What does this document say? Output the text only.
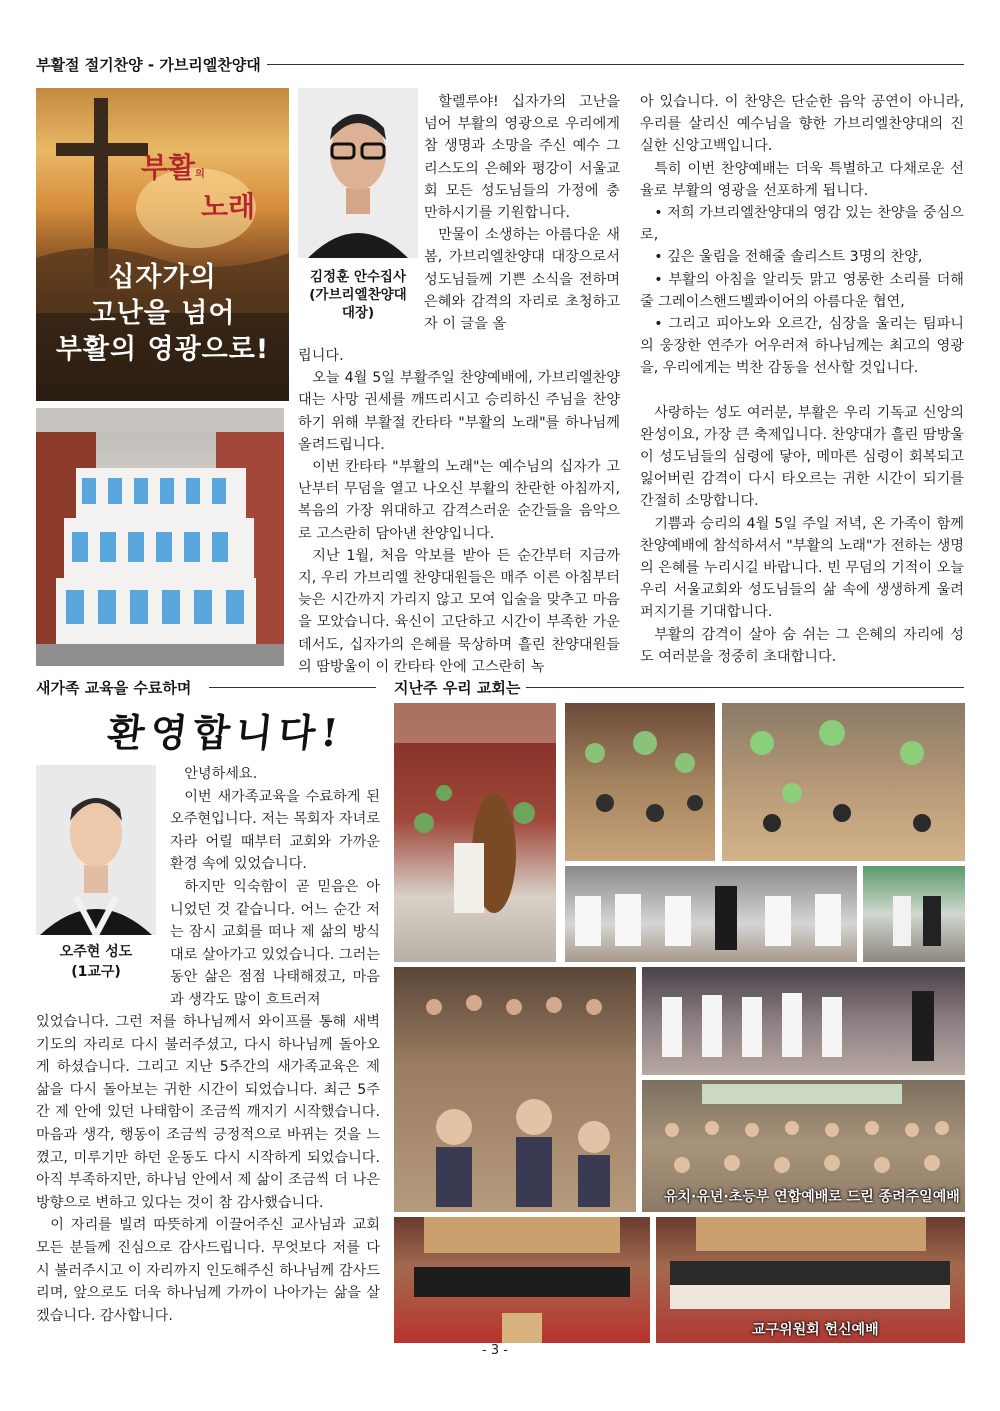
부활절 절기찬양 - 가브리엘찬양대
부활의
노래
십자가의
고난을 넘어
부활의 영광으로!
김정훈 안수집사
(가브리엘찬양대
대장)

할렐루야! 십자가의 고난을 넘어 부활의 영광으로 우리에게 참 생명과 소망을 주신 예수 그리스도의 은혜와 평강이 서울교회 모든 성도님들의 가정에 충만하시기를 기원합니다.

만물이 소생하는 아름다운 새봄, 가브리엘찬양대 대장으로서 성도님들께 기쁜 소식을 전하며 은혜와 감격의 자리로 초청하고자 이 글을 올

립니다.

오늘 4월 5일 부활주일 찬양예배에, 가브리엘찬양대는 사망 권세를 깨뜨리시고 승리하신 주님을 찬양하기 위해 부활절 칸타타 "부활의 노래"를 하나님께 올려드립니다.

이번 칸타타 "부활의 노래"는 예수님의 십자가 고난부터 무덤을 열고 나오신 부활의 찬란한 아침까지, 복음의 가장 위대하고 감격스러운 순간들을 음악으로 고스란히 담아낸 찬양입니다.

지난 1월, 처음 악보를 받아 든 순간부터 지금까지, 우리 가브리엘 찬양대원들은 매주 이른 아침부터 늦은 시간까지 가리지 않고 모여 입술을 맞추고 마음을 모았습니다. 육신이 고단하고 시간이 부족한 가운데서도, 십자가의 은혜를 묵상하며 흘린 찬양대원들의 땀방울이 이 칸타타 안에 고스란히 녹

아 있습니다. 이 찬양은 단순한 음악 공연이 아니라, 우리를 살리신 예수님을 향한 가브리엘찬양대의 진실한 신앙고백입니다.

특히 이번 찬양예배는 더욱 특별하고 다채로운 선율로 부활의 영광을 선포하게 됩니다.

• 저희 가브리엘찬양대의 영감 있는 찬양을 중심으로,

• 깊은 울림을 전해줄 솔리스트 3명의 찬양,

• 부활의 아침을 알리듯 맑고 영롱한 소리를 더해줄 그레이스핸드벨콰이어의 아름다운 협연,

• 그리고 피아노와 오르간, 심장을 울리는 팀파니의 웅장한 연주가 어우러져 하나님께는 최고의 영광을, 우리에게는 벅찬 감동을 선사할 것입니다.

사랑하는 성도 여러분, 부활은 우리 기독교 신앙의 완성이요, 가장 큰 축제입니다. 찬양대가 흘린 땀방울이 성도님들의 심령에 닿아, 메마른 심령이 회복되고 잃어버린 감격이 다시 타오르는 귀한 시간이 되기를 간절히 소망합니다.

기쁨과 승리의 4월 5일 주일 저녁, 온 가족이 함께 찬양예배에 참석하셔서 "부활의 노래"가 전하는 생명의 은혜를 누리시길 바랍니다. 빈 무덤의 기적이 오늘 우리 서울교회와 성도님들의 삶 속에 생생하게 울려 퍼지기를 기대합니다.

부활의 감격이 살아 숨 쉬는 그 은혜의 자리에 성도 여러분을 정중히 초대합니다.

새가족 교육을 수료하며	지난주 우리 교회는
환영합니다!
오주현 성도
(1교구)

안녕하세요.

이번 새가족교육을 수료하게 된 오주현입니다. 저는 목회자 자녀로 자라 어릴 때부터 교회와 가까운 환경 속에 있었습니다.

하지만 익숙함이 곧 믿음은 아니었던 것 같습니다. 어느 순간 저는 잠시 교회를 떠나 제 삶의 방식대로 살아가고 있었습니다. 그러는 동안 삶은 점점 나태해졌고, 마음과 생각도 많이 흐트러져

있었습니다. 그런 저를 하나님께서 와이프를 통해 새벽기도의 자리로 다시 불러주셨고, 다시 하나님께 돌아오게 하셨습니다. 그리고 지난 5주간의 새가족교육은 제 삶을 다시 돌아보는 귀한 시간이 되었습니다. 최근 5주간 제 안에 있던 나태함이 조금씩 깨지기 시작했습니다. 마음과 생각, 행동이 조금씩 긍정적으로 바뀌는 것을 느꼈고, 미루기만 하던 운동도 다시 시작하게 되었습니다. 아직 부족하지만, 하나님 안에서 제 삶이 조금씩 더 나은 방향으로 변하고 있다는 것이 참 감사했습니다.

이 자리를 빌려 따뜻하게 이끌어주신 교사님과 교회 모든 분들께 진심으로 감사드립니다. 무엇보다 저를 다시 불러주시고 이 자리까지 인도해주신 하나님께 감사드리며, 앞으로도 더욱 하나님께 가까이 나아가는 삶을 살겠습니다. 감사합니다.

유치·유년·초등부 연합예배로 드린 종려주일예배
교구위원회 헌신예배
- 3 -
